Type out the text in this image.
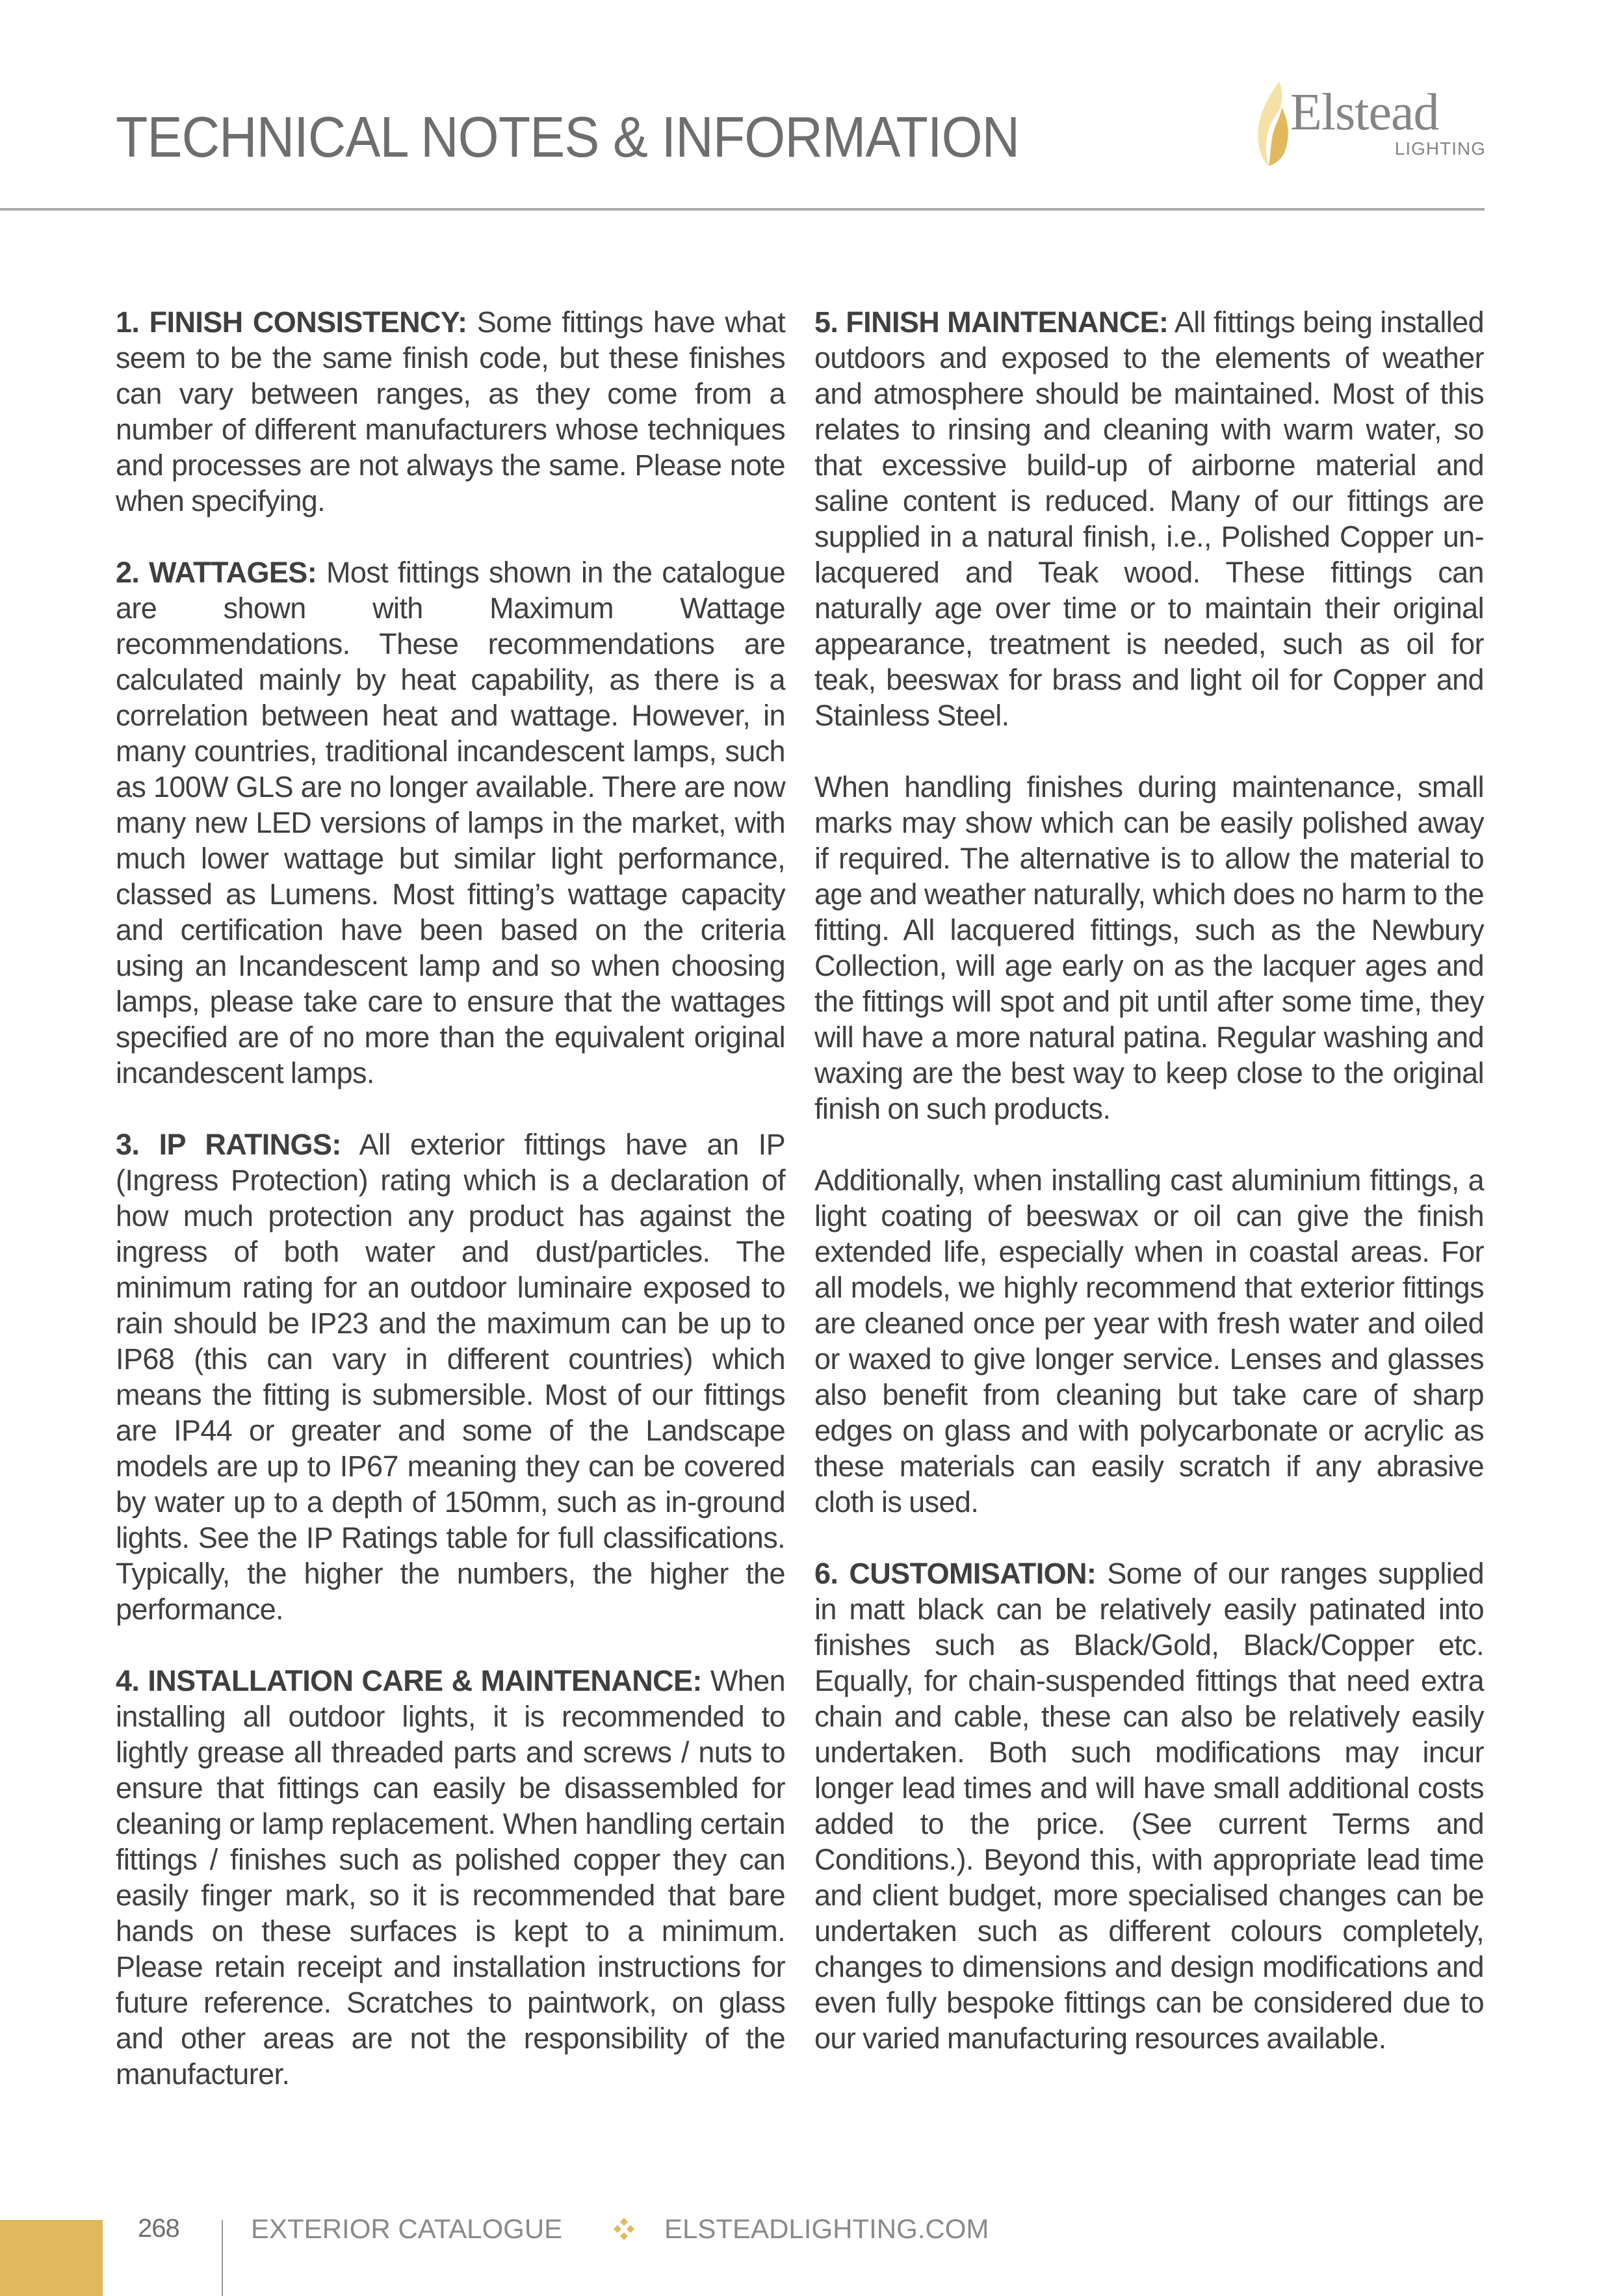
TECHNICAL NOTES & INFORMATION	Elstead
LIGHTING

1. FINISH CONSISTENCY: Some fittings have what seem to be the same finish code, but these finishes can vary between ranges, as they come from a number of different manufacturers whose techniques and processes are not always the same. Please note when specifying.

2. WATTAGES: Most fittings shown in the catalogue are shown with Maximum Wattage recommendations. These recommendations are calculated mainly by heat capability, as there is a correlation between heat and wattage. However, in many countries, traditional incandescent lamps, such as 100W GLS are no longer available. There are now many new LED versions of lamps in the market, with much lower wattage but similar light performance, classed as Lumens. Most fitting’s wattage capacity and certification have been based on the criteria using an Incandescent lamp and so when choosing lamps, please take care to ensure that the wattages specified are of no more than the equivalent original incandescent lamps.

3. IP RATINGS: All exterior fittings have an IP (Ingress Protection) rating which is a declaration of how much protection any product has against the ingress of both water and dust/particles. The minimum rating for an outdoor luminaire exposed to rain should be IP23 and the maximum can be up to IP68 (this can vary in different countries) which means the fitting is submersible. Most of our fittings are IP44 or greater and some of the Landscape models are up to IP67 meaning they can be covered by water up to a depth of 150mm, such as in-ground lights. See the IP Ratings table for full classifications. Typically, the higher the numbers, the higher the performance.

4. INSTALLATION CARE & MAINTENANCE: When installing all outdoor lights, it is recommended to lightly grease all threaded parts and screws / nuts to ensure that fittings can easily be disassembled for cleaning or lamp replacement. When handling certain fittings / finishes such as polished copper they can easily finger mark, so it is recommended that bare hands on these surfaces is kept to a minimum. Please retain receipt and installation instructions for future reference. Scratches to paintwork, on glass and other areas are not the responsibility of the manufacturer.

5. FINISH MAINTENANCE: All fittings being installed outdoors and exposed to the elements of weather and atmosphere should be maintained. Most of this relates to rinsing and cleaning with warm water, so that excessive build-up of airborne material and saline content is reduced. Many of our fittings are supplied in a natural finish, i.e., Polished Copper un-lacquered and Teak wood. These fittings can naturally age over time or to maintain their original appearance, treatment is needed, such as oil for teak, beeswax for brass and light oil for Copper and Stainless Steel.

When handling finishes during maintenance, small marks may show which can be easily polished away if required. The alternative is to allow the material to age and weather naturally, which does no harm to the fitting. All lacquered fittings, such as the Newbury Collection, will age early on as the lacquer ages and the fittings will spot and pit until after some time, they will have a more natural patina. Regular washing and waxing are the best way to keep close to the original finish on such products.

Additionally, when installing cast aluminium fittings, a light coating of beeswax or oil can give the finish extended life, especially when in coastal areas. For all models, we highly recommend that exterior fittings are cleaned once per year with fresh water and oiled or waxed to give longer service. Lenses and glasses also benefit from cleaning but take care of sharp edges on glass and with polycarbonate or acrylic as these materials can easily scratch if any abrasive cloth is used.

6. CUSTOMISATION: Some of our ranges supplied in matt black can be relatively easily patinated into finishes such as Black/Gold, Black/Copper etc. Equally, for chain-suspended fittings that need extra chain and cable, these can also be relatively easily undertaken. Both such modifications may incur longer lead times and will have small additional costs added to the price. (See current Terms and Conditions.). Beyond this, with appropriate lead time and client budget, more specialised changes can be undertaken such as different colours completely, changes to dimensions and design modifications and even fully bespoke fittings can be considered due to our varied manufacturing resources available.

268	EXTERIOR CATALOGUE	ELSTEADLIGHTING.COM
